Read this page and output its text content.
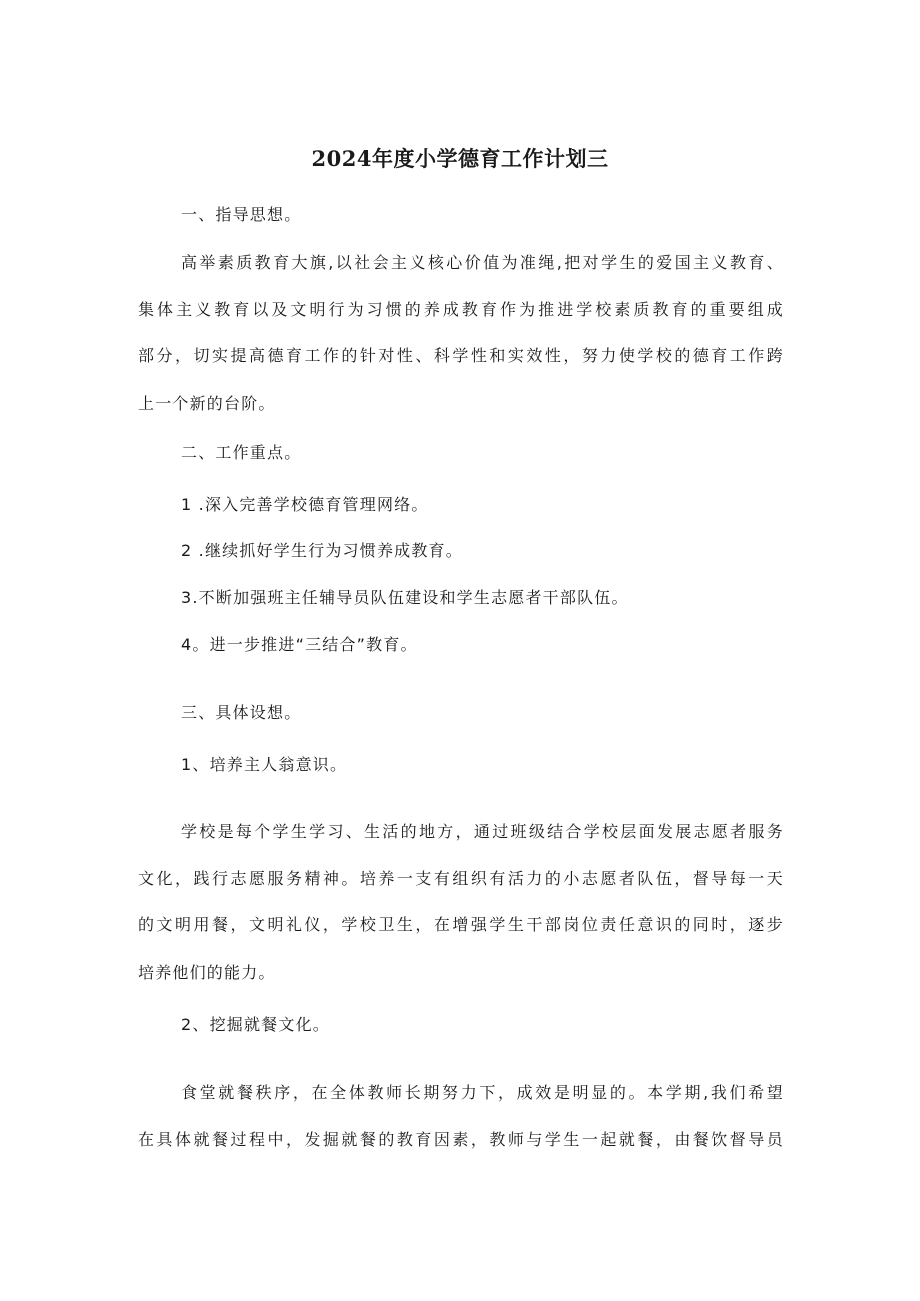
2024年度小学德育工作计划三
一、指导思想。
高举素质教育大旗,以社会主义核心价值为准绳,把对学生的爱国主义教育、
集体主义教育以及文明行为习惯的养成教育作为推进学校素质教育的重要组成
部分，切实提高德育工作的针对性、科学性和实效性，努力使学校的德育工作跨
上一个新的台阶。
二、工作重点。
1 .深入完善学校德育管理网络。
2 .继续抓好学生行为习惯养成教育。
3.不断加强班主任辅导员队伍建设和学生志愿者干部队伍。
4。进一步推进“三结合”教育。
三、具体设想。
1、培养主人翁意识。
学校是每个学生学习、生活的地方，通过班级结合学校层面发展志愿者服务
文化，践行志愿服务精神。培养一支有组织有活力的小志愿者队伍，督导每一天
的文明用餐，文明礼仪，学校卫生，在增强学生干部岗位责任意识的同时，逐步
培养他们的能力。
2、挖掘就餐文化。
食堂就餐秩序，在全体教师长期努力下，成效是明显的。本学期,我们希望
在具体就餐过程中，发掘就餐的教育因素，教师与学生一起就餐，由餐饮督导员
